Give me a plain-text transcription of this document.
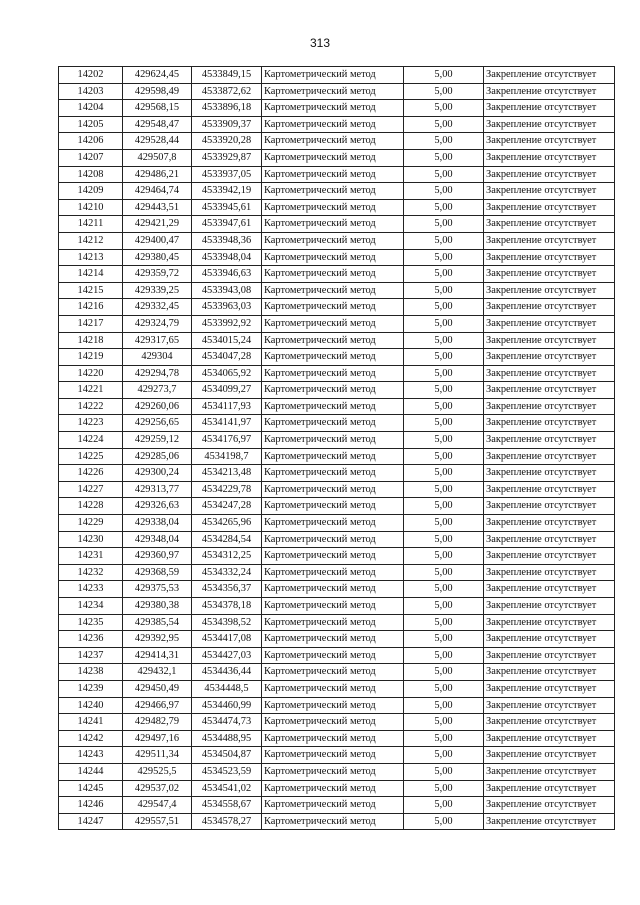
313
14202	429624,45	4533849,15	Картометрический метод	5,00	Закрепление отсутствует
14203	429598,49	4533872,62	Картометрический метод	5,00	Закрепление отсутствует
14204	429568,15	4533896,18	Картометрический метод	5,00	Закрепление отсутствует
14205	429548,47	4533909,37	Картометрический метод	5,00	Закрепление отсутствует
14206	429528,44	4533920,28	Картометрический метод	5,00	Закрепление отсутствует
14207	429507,8	4533929,87	Картометрический метод	5,00	Закрепление отсутствует
14208	429486,21	4533937,05	Картометрический метод	5,00	Закрепление отсутствует
14209	429464,74	4533942,19	Картометрический метод	5,00	Закрепление отсутствует
14210	429443,51	4533945,61	Картометрический метод	5,00	Закрепление отсутствует
14211	429421,29	4533947,61	Картометрический метод	5,00	Закрепление отсутствует
14212	429400,47	4533948,36	Картометрический метод	5,00	Закрепление отсутствует
14213	429380,45	4533948,04	Картометрический метод	5,00	Закрепление отсутствует
14214	429359,72	4533946,63	Картометрический метод	5,00	Закрепление отсутствует
14215	429339,25	4533943,08	Картометрический метод	5,00	Закрепление отсутствует
14216	429332,45	4533963,03	Картометрический метод	5,00	Закрепление отсутствует
14217	429324,79	4533992,92	Картометрический метод	5,00	Закрепление отсутствует
14218	429317,65	4534015,24	Картометрический метод	5,00	Закрепление отсутствует
14219	429304	4534047,28	Картометрический метод	5,00	Закрепление отсутствует
14220	429294,78	4534065,92	Картометрический метод	5,00	Закрепление отсутствует
14221	429273,7	4534099,27	Картометрический метод	5,00	Закрепление отсутствует
14222	429260,06	4534117,93	Картометрический метод	5,00	Закрепление отсутствует
14223	429256,65	4534141,97	Картометрический метод	5,00	Закрепление отсутствует
14224	429259,12	4534176,97	Картометрический метод	5,00	Закрепление отсутствует
14225	429285,06	4534198,7	Картометрический метод	5,00	Закрепление отсутствует
14226	429300,24	4534213,48	Картометрический метод	5,00	Закрепление отсутствует
14227	429313,77	4534229,78	Картометрический метод	5,00	Закрепление отсутствует
14228	429326,63	4534247,28	Картометрический метод	5,00	Закрепление отсутствует
14229	429338,04	4534265,96	Картометрический метод	5,00	Закрепление отсутствует
14230	429348,04	4534284,54	Картометрический метод	5,00	Закрепление отсутствует
14231	429360,97	4534312,25	Картометрический метод	5,00	Закрепление отсутствует
14232	429368,59	4534332,24	Картометрический метод	5,00	Закрепление отсутствует
14233	429375,53	4534356,37	Картометрический метод	5,00	Закрепление отсутствует
14234	429380,38	4534378,18	Картометрический метод	5,00	Закрепление отсутствует
14235	429385,54	4534398,52	Картометрический метод	5,00	Закрепление отсутствует
14236	429392,95	4534417,08	Картометрический метод	5,00	Закрепление отсутствует
14237	429414,31	4534427,03	Картометрический метод	5,00	Закрепление отсутствует
14238	429432,1	4534436,44	Картометрический метод	5,00	Закрепление отсутствует
14239	429450,49	4534448,5	Картометрический метод	5,00	Закрепление отсутствует
14240	429466,97	4534460,99	Картометрический метод	5,00	Закрепление отсутствует
14241	429482,79	4534474,73	Картометрический метод	5,00	Закрепление отсутствует
14242	429497,16	4534488,95	Картометрический метод	5,00	Закрепление отсутствует
14243	429511,34	4534504,87	Картометрический метод	5,00	Закрепление отсутствует
14244	429525,5	4534523,59	Картометрический метод	5,00	Закрепление отсутствует
14245	429537,02	4534541,02	Картометрический метод	5,00	Закрепление отсутствует
14246	429547,4	4534558,67	Картометрический метод	5,00	Закрепление отсутствует
14247	429557,51	4534578,27	Картометрический метод	5,00	Закрепление отсутствует
